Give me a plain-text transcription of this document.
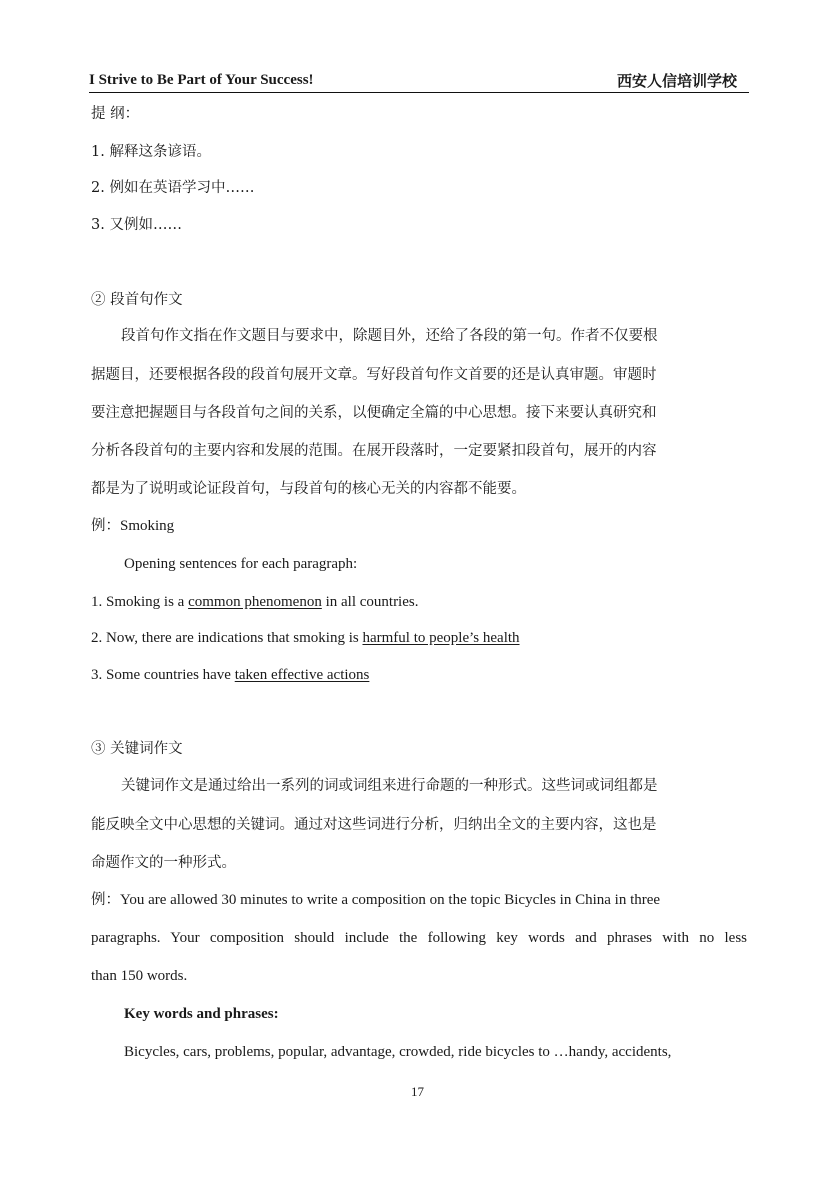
I Strive to Be Part of Your Success!	西安人信培训学校
提 纲：
1. 解释这条谚语。
2. 例如在英语学习中……
3. 又例如……
② 段首句作文
段首句作文指在作文题目与要求中，除题目外，还给了各段的第一句。作者不仅要根
据题目，还要根据各段的段首句展开文章。写好段首句作文首要的还是认真审题。审题时
要注意把握题目与各段首句之间的关系，以便确定全篇的中心思想。接下来要认真研究和
分析各段首句的主要内容和发展的范围。在展开段落时，一定要紧扣段首句，展开的内容
都是为了说明或论证段首句，与段首句的核心无关的内容都不能要。
例：Smoking
Opening sentences for each paragraph:
1. Smoking is a common phenomenon in all countries.
2. Now, there are indications that smoking is harmful to people’s health
3. Some countries have taken effective actions
③ 关键词作文
关键词作文是通过给出一系列的词或词组来进行命题的一种形式。这些词或词组都是
能反映全文中心思想的关键词。通过对这些词进行分析，归纳出全文的主要内容，这也是
命题作文的一种形式。
例：You are allowed 30 minutes to write a composition on the topic Bicycles in China in three
paragraphs. Your composition should include the following key words and phrases with no less
than 150 words.
Key words and phrases:
Bicycles, cars, problems, popular, advantage, crowded, ride bicycles to …handy, accidents,
17
